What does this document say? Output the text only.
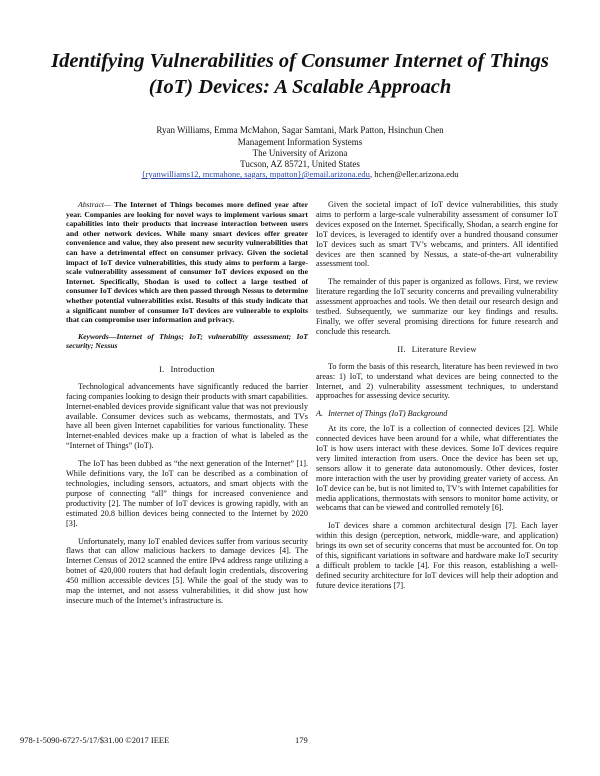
Identifying Vulnerabilities of Consumer Internet of Things (IoT) Devices: A Scalable Approach
Ryan Williams, Emma McMahon, Sagar Samtani, Mark Patton, Hsinchun Chen
Management Information Systems
The University of Arizona
Tucson, AZ 85721, United States
{ryanwilliams12, mcmahone, sagars, mpatton}@email.arizona.edu, hchen@eller.arizona.edu
Abstract— The Internet of Things becomes more defined year after year. Companies are looking for novel ways to implement various smart capabilities into their products that increase interaction between users and other network devices. While many smart devices offer greater convenience and value, they also present new security vulnerabilities that can have a detrimental effect on consumer privacy. Given the societal impact of IoT device vulnerabilities, this study aims to perform a large-scale vulnerability assessment of consumer IoT devices exposed on the Internet. Specifically, Shodan is used to collect a large testbed of consumer IoT devices which are then passed through Nessus to determine whether potential vulnerabilities exist. Results of this study indicate that a significant number of consumer IoT devices are vulnerable to exploits that can compromise user information and privacy.
Keywords—Internet of Things; IoT; vulnerability assessment; IoT security; Nessus
I. Introduction

Technological advancements have significantly reduced the barrier facing companies looking to design their products with smart capabilities. Internet-enabled devices provide significant value that was not previously available. Consumer devices such as webcams, thermostats, and TVs have all been given Internet capabilities for various functionality. These Internet-enabled devices make up a fraction of what is labeled as the “Internet of Things” (IoT).

The IoT has been dubbed as “the next generation of the Internet” [1]. While definitions vary, the IoT can be described as a combination of technologies, including sensors, actuators, and smart objects with the purpose of connecting “all” things for increased convenience and productivity [2]. The number of IoT devices is growing rapidly, with an estimated 20.8 billion devices being connected to the Internet by 2020 [3].

Unfortunately, many IoT enabled devices suffer from various security flaws that can allow malicious hackers to damage devices [4]. The Internet Census of 2012 scanned the entire IPv4 address range utilizing a botnet of 420,000 routers that had default login credentials, discovering 450 million accessible devices [5]. While the goal of the study was to map the internet, and not assess vulnerabilities, it did show just how insecure much of the Internet’s infrastructure is.

Given the societal impact of IoT device vulnerabilities, this study aims to perform a large-scale vulnerability assessment of consumer IoT devices exposed on the Internet. Specifically, Shodan, a search engine for IoT devices, is leveraged to identify over a hundred thousand consumer IoT devices such as smart TV’s webcams, and printers. All identified devices are then scanned by Nessus, a state-of-the-art vulnerability assessment tool.

The remainder of this paper is organized as follows. First, we review literature regarding the IoT security concerns and prevailing vulnerability assessment approaches and tools. We then detail our research design and testbed. Subsequently, we summarize our key findings and results. Finally, we offer several promising directions for future research and conclude this research.

II. Literature Review

To form the basis of this research, literature has been reviewed in two areas: 1) IoT, to understand what devices are being connected to the Internet, and 2) vulnerability assessment techniques, to understand approaches for assessing device security.

A. Internet of Things (IoT) Background

At its core, the IoT is a collection of connected devices [2]. While connected devices have been around for a while, what differentiates the IoT is how users interact with these devices. Some IoT devices require very limited interaction from users. Once the device has been set up, sensors allow it to generate data autonomously. Other devices, foster more interaction with the user by providing greater variety of access. An IoT device can be, but is not limited to, TV’s with Internet capabilities for media applications, thermostats with sensors to monitor home activity, or webcams that can be viewed and controlled remotely [6].

IoT devices share a common architectural design [7]. Each layer within this design (perception, network, middle-ware, and application) brings its own set of security concerns that must be accounted for. On top of this, significant variations in software and hardware make IoT security a difficult problem to tackle [4]. For this reason, establishing a well-defined security architecture for IoT devices will help their adoption and future device iterations [7].

978-1-5090-6727-5/17/$31.00 ©2017 IEEE	179
